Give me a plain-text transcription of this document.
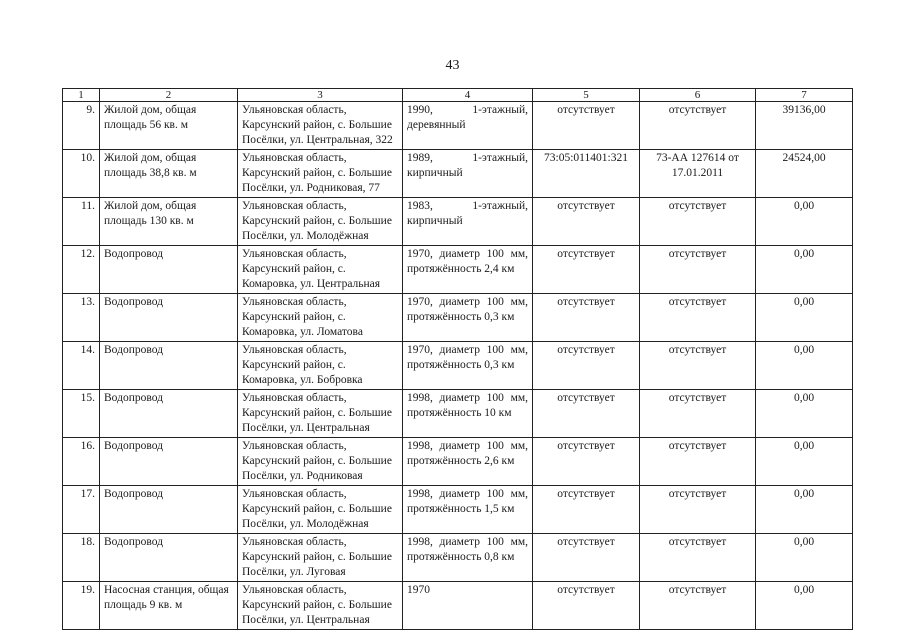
43
1	2	3	4	5	6	7
9.	Жилой дом, общая площадь 56 кв. м	Ульяновская область, Карсунский район, с. Большие Посёлки, ул. Центральная, 322	1990, 1-этажный, деревянный	отсутствует	отсутствует	39136,00
10.	Жилой дом, общая площадь 38,8 кв. м	Ульяновская область, Карсунский район, с. Большие Посёлки, ул. Родниковая, 77	1989, 1-этажный, кирпичный	73:05:011401:321	73-АА 127614 от 17.01.2011	24524,00
11.	Жилой дом, общая площадь 130 кв. м	Ульяновская область, Карсунский район, с. Большие Посёлки, ул. Молодёжная	1983, 1-этажный, кирпичный	отсутствует	отсутствует	0,00
12.	Водопровод	Ульяновская область, Карсунский район, с. Комаровка, ул. Центральная	1970, диаметр 100 мм, протяжённость 2,4 км	отсутствует	отсутствует	0,00
13.	Водопровод	Ульяновская область, Карсунский район, с. Комаровка, ул. Ломатова	1970, диаметр 100 мм, протяжённость 0,3 км	отсутствует	отсутствует	0,00
14.	Водопровод	Ульяновская область, Карсунский район, с. Комаровка, ул. Бобровка	1970, диаметр 100 мм, протяжённость 0,3 км	отсутствует	отсутствует	0,00
15.	Водопровод	Ульяновская область, Карсунский район, с. Большие Посёлки, ул. Центральная	1998, диаметр 100 мм, протяжённость 10 км	отсутствует	отсутствует	0,00
16.	Водопровод	Ульяновская область, Карсунский район, с. Большие Посёлки, ул. Родниковая	1998, диаметр 100 мм, протяжённость 2,6 км	отсутствует	отсутствует	0,00
17.	Водопровод	Ульяновская область, Карсунский район, с. Большие Посёлки, ул. Молодёжная	1998, диаметр 100 мм, протяжённость 1,5 км	отсутствует	отсутствует	0,00
18.	Водопровод	Ульяновская область, Карсунский район, с. Большие Посёлки, ул. Луговая	1998, диаметр 100 мм, протяжённость 0,8 км	отсутствует	отсутствует	0,00
19.	Насосная станция, общая площадь 9 кв. м	Ульяновская область, Карсунский район, с. Большие Посёлки, ул. Центральная	1970	отсутствует	отсутствует	0,00
